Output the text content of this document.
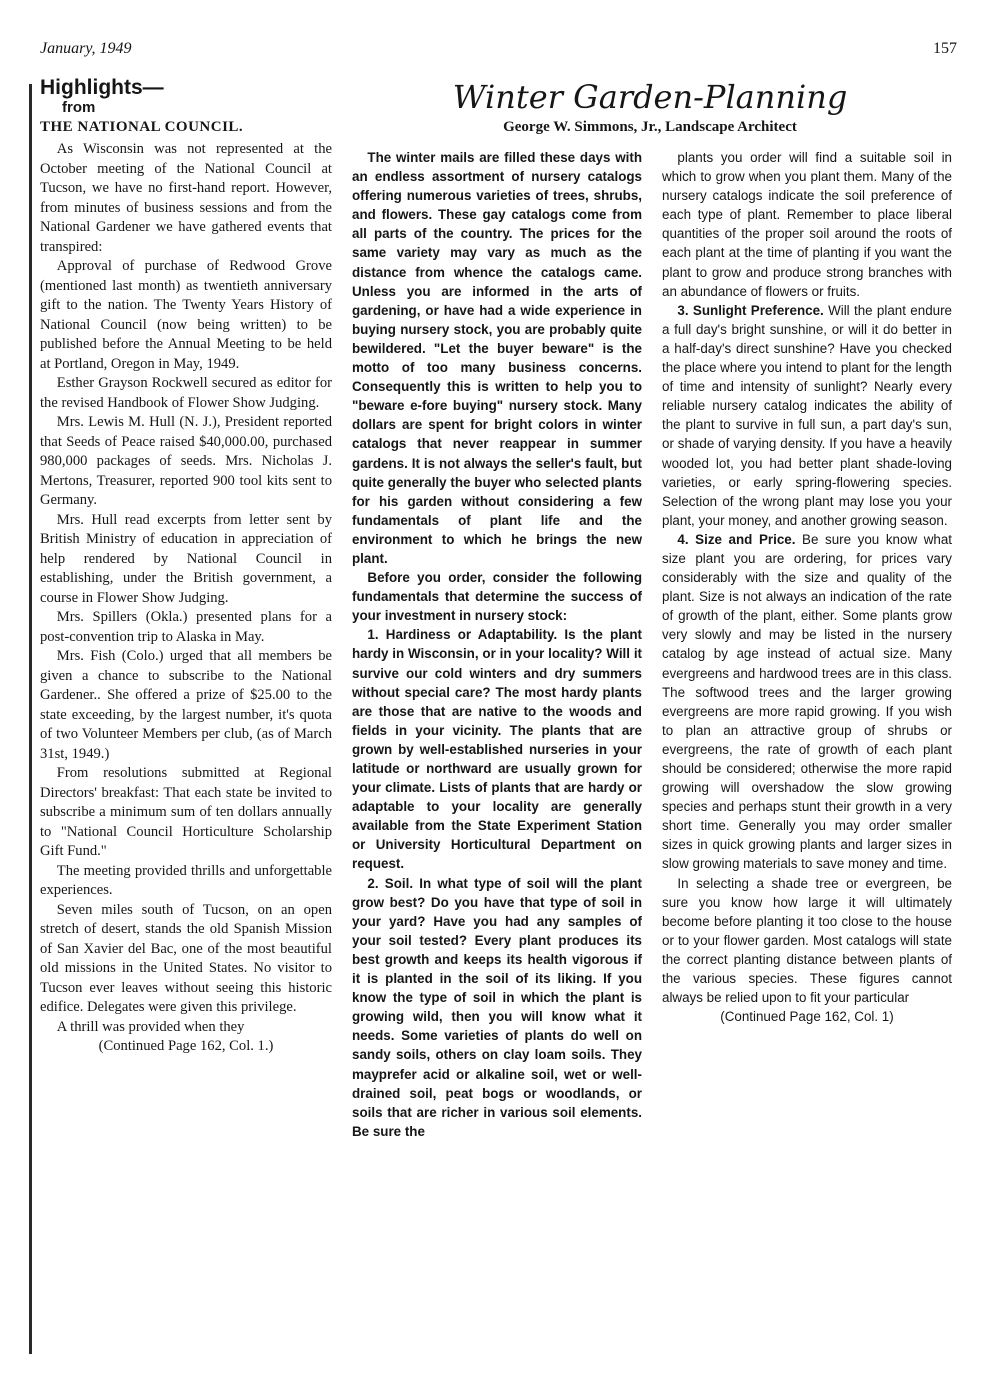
January, 1949	157
Highlights—
from
THE NATIONAL COUNCIL.

As Wisconsin was not represented at the October meeting of the National Council at Tucson, we have no first-hand report. However, from minutes of business sessions and from the National Gardener we have gathered events that transpired:

Approval of purchase of Redwood Grove (mentioned last month) as twentieth anniversary gift to the nation. The Twenty Years History of National Council (now being written) to be published before the Annual Meeting to be held at Portland, Oregon in May, 1949.

Esther Grayson Rockwell secured as editor for the revised Handbook of Flower Show Judging.

Mrs. Lewis M. Hull (N. J.), President reported that Seeds of Peace raised $40,000.00, purchased 980,000 packages of seeds. Mrs. Nicholas J. Mertons, Treasurer, reported 900 tool kits sent to Germany.

Mrs. Hull read excerpts from letter sent by British Ministry of education in appreciation of help rendered by National Council in establishing, under the British government, a course in Flower Show Judging.

Mrs. Spillers (Okla.) presented plans for a post-convention trip to Alaska in May.

Mrs. Fish (Colo.) urged that all members be given a chance to subscribe to the National Gardener.. She offered a prize of $25.00 to the state exceeding, by the largest number, it's quota of two Volunteer Members per club, (as of March 31st, 1949.)

From resolutions submitted at Regional Directors' breakfast: That each state be invited to subscribe a minimum sum of ten dollars annually to "National Council Horticulture Scholarship Gift Fund."

The meeting provided thrills and unforgettable experiences.

Seven miles south of Tucson, on an open stretch of desert, stands the old Spanish Mission of San Xavier del Bac, one of the most beautiful old missions in the United States. No visitor to Tucson ever leaves without seeing this historic edifice. Delegates were given this privilege.

A thrill was provided when they

(Continued Page 162, Col. 1.)

Winter Garden-Planning
George W. Simmons, Jr., Landscape Architect

The winter mails are filled these days with an endless assortment of nursery catalogs offering numerous varieties of trees, shrubs, and flowers. These gay catalogs come from all parts of the country. The prices for the same variety may vary as much as the distance from whence the catalogs came. Unless you are informed in the arts of gardening, or have had a wide experience in buying nursery stock, you are probably quite bewildered. "Let the buyer beware" is the motto of too many business concerns. Consequently this is written to help you to "beware e-fore buying" nursery stock. Many dollars are spent for bright colors in winter catalogs that never reappear in summer gardens. It is not always the seller's fault, but quite generally the buyer who selected plants for his garden without considering a few fundamentals of plant life and the environment to which he brings the new plant.

Before you order, consider the following fundamentals that determine the success of your investment in nursery stock:

1. Hardiness or Adaptability. Is the plant hardy in Wisconsin, or in your locality? Will it survive our cold winters and dry summers without special care? The most hardy plants are those that are native to the woods and fields in your vicinity. The plants that are grown by well-established nurseries in your latitude or northward are usually grown for your climate. Lists of plants that are hardy or adaptable to your locality are generally available from the State Experiment Station or University Horticultural Department on request.

2. Soil. In what type of soil will the plant grow best? Do you have that type of soil in your yard? Have you had any samples of your soil tested? Every plant produces its best growth and keeps its health vigorous if it is planted in the soil of its liking. If you know the type of soil in which the plant is growing wild, then you will know what it needs. Some varieties of plants do well on sandy soils, others on clay loam soils. They mayprefer acid or alkaline soil, wet or well-drained soil, peat bogs or woodlands, or soils that are richer in various soil elements. Be sure the

plants you order will find a suitable soil in which to grow when you plant them. Many of the nursery catalogs indicate the soil preference of each type of plant. Remember to place liberal quantities of the proper soil around the roots of each plant at the time of planting if you want the plant to grow and produce strong branches with an abundance of flowers or fruits.

3. Sunlight Preference. Will the plant endure a full day's bright sunshine, or will it do better in a half-day's direct sunshine? Have you checked the place where you intend to plant for the length of time and intensity of sunlight? Nearly every reliable nursery catalog indicates the ability of the plant to survive in full sun, a part day's sun, or shade of varying density. If you have a heavily wooded lot, you had better plant shade-loving varieties, or early spring-flowering species. Selection of the wrong plant may lose you your plant, your money, and another growing season.

4. Size and Price. Be sure you know what size plant you are ordering, for prices vary considerably with the size and quality of the plant. Size is not always an indication of the rate of growth of the plant, either. Some plants grow very slowly and may be listed in the nursery catalog by age instead of actual size. Many evergreens and hardwood trees are in this class. The softwood trees and the larger growing evergreens are more rapid growing. If you wish to plan an attractive group of shrubs or evergreens, the rate of growth of each plant should be considered; otherwise the more rapid growing will overshadow the slow growing species and perhaps stunt their growth in a very short time. Generally you may order smaller sizes in quick growing plants and larger sizes in slow growing materials to save money and time.

In selecting a shade tree or evergreen, be sure you know how large it will ultimately become before planting it too close to the house or to your flower garden. Most catalogs will state the correct planting distance between plants of the various species. These figures cannot always be relied upon to fit your particular

(Continued Page 162, Col. 1)
